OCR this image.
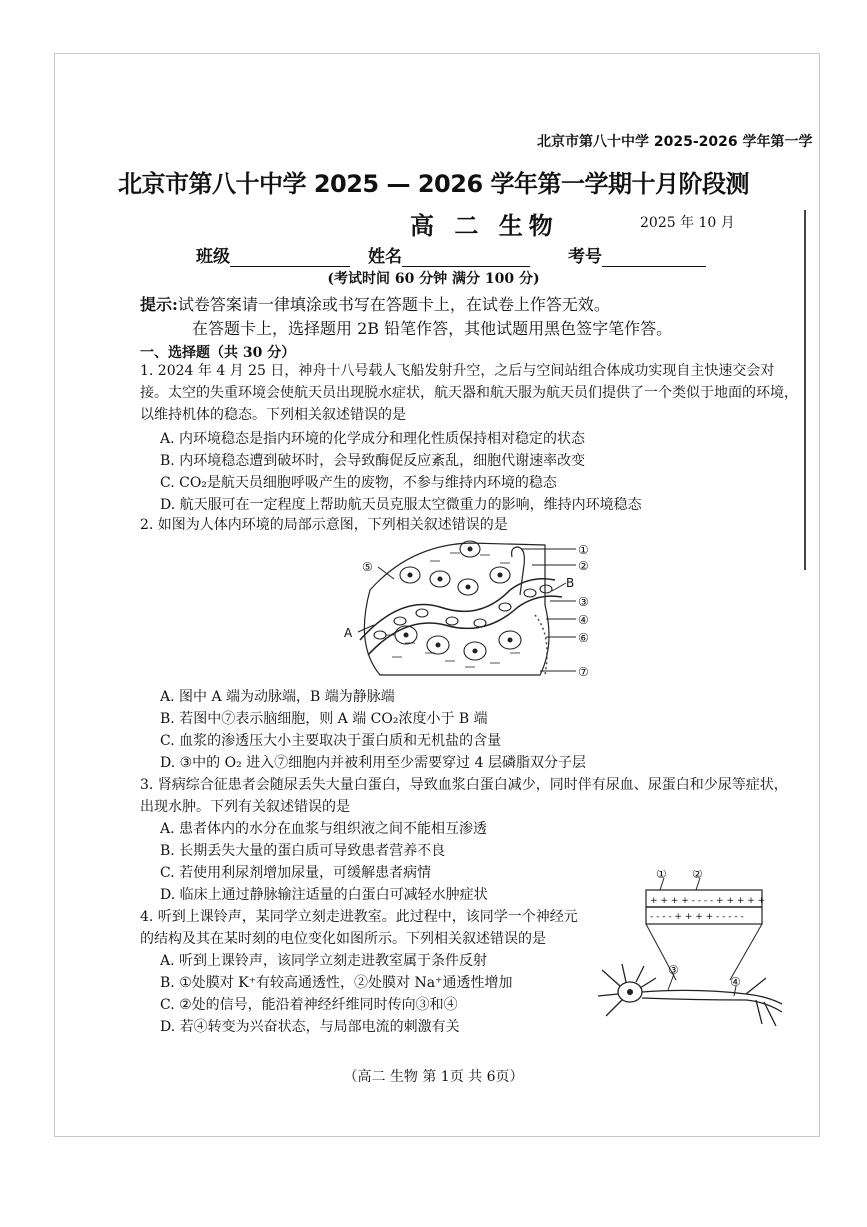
北京市第八十中学 2025-2026 学年第一学
北京市第八十中学 2025 — 2026 学年第一学期十月阶段测
高 二 生物	2025 年 10 月
班级	姓名	考号
(考试时间 60 分钟 满分 100 分)
提示:试卷答案请一律填涂或书写在答题卡上，在试卷上作答无效。
在答题卡上，选择题用 2B 铅笔作答，其他试题用黑色签字笔作答。
一、选择题（共 30 分）
1. 2024 年 4 月 25 日，神舟十八号载人飞船发射升空，之后与空间站组合体成功实现自主快速交会对接。太空的失重环境会使航天员出现脱水症状，航天器和航天服为航天员们提供了一个类似于地面的环境，以维持机体的稳态。下列相关叙述错误的是
A. 内环境稳态是指内环境的化学成分和理化性质保持相对稳定的状态
B. 内环境稳态遭到破坏时，会导致酶促反应紊乱，细胞代谢速率改变
C. CO₂是航天员细胞呼吸产生的废物，不参与维持内环境的稳态
D. 航天服可在一定程度上帮助航天员克服太空微重力的影响，维持内环境稳态
2. 如图为人体内环境的局部示意图，下列相关叙述错误的是
①
②
③
④
⑤
⑥
⑦
A
B
A. 图中 A 端为动脉端，B 端为静脉端
B. 若图中⑦表示脑细胞，则 A 端 CO₂浓度小于 B 端
C. 血浆的渗透压大小主要取决于蛋白质和无机盐的含量
D. ③中的 O₂ 进入⑦细胞内并被利用至少需要穿过 4 层磷脂双分子层
3. 肾病综合征患者会随尿丢失大量白蛋白，导致血浆白蛋白减少，同时伴有尿血、尿蛋白和少尿等症状，出现水肿。下列有关叙述错误的是
A. 患者体内的水分在血浆与组织液之间不能相互渗透
B. 长期丢失大量的蛋白质可导致患者营养不良
C. 若使用利尿剂增加尿量，可缓解患者病情
D. 临床上通过静脉输注适量的白蛋白可减轻水肿症状
4. 听到上课铃声，某同学立刻走进教室。此过程中，该同学一个神经元
的结构及其在某时刻的电位变化如图所示。下列相关叙述错误的是
A. 听到上课铃声，该同学立刻走进教室属于条件反射
B. ①处膜对 K⁺有较高通透性，②处膜对 Na⁺通透性增加
C. ②处的信号，能沿着神经纤维同时传向③和④
D. 若④转变为兴奋状态，与局部电流的刺激有关
+ + + + - - - - + + + + +
- - - - + + + + - - - - -
① ②
③
④
（高二 生物 第 1页 共 6页）
